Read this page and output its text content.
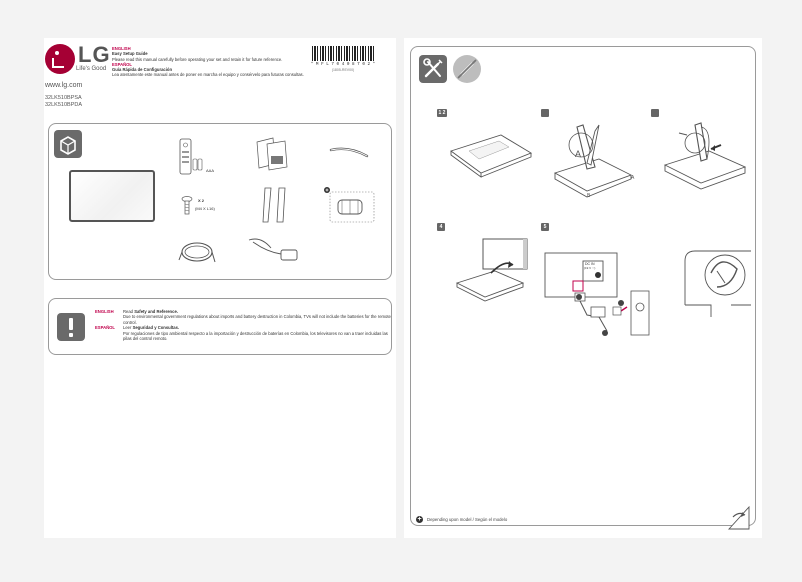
LG
Life's Good
www.lg.com
32LK510BPSA
32LK510BPDA
ENGLISH
Easy Setup Guide
Please read this manual carefully before operating your set and retain it for future reference.
ESPAÑOL
Guía Rápida de Configuración
Lea atentamente este manual antes de poner en marcha el equipo y consérvelo para futuras consultas.
* M F L 7 0 4 0 8 7 0 2 *
(1805-REV00)
AAA
X 2
(M4 X L16)
ENGLISH	Read Safety and Reference.
Due to environmental government regulations about imports and battery destruction in Colombia, TVs will not include the batteries for the remote control.
ESPAÑOL	Leer Seguridad y Consultas.
Por regulaciones de tipo ambiental respecto a la importación y destrucción de baterías en Colombia, los televisores no van a traer incluidas las pilas del control remoto.
1 2
A
B
A
4	5
DC IN
(19 V ⎓)
+	Depending upon model / Según el modelo
